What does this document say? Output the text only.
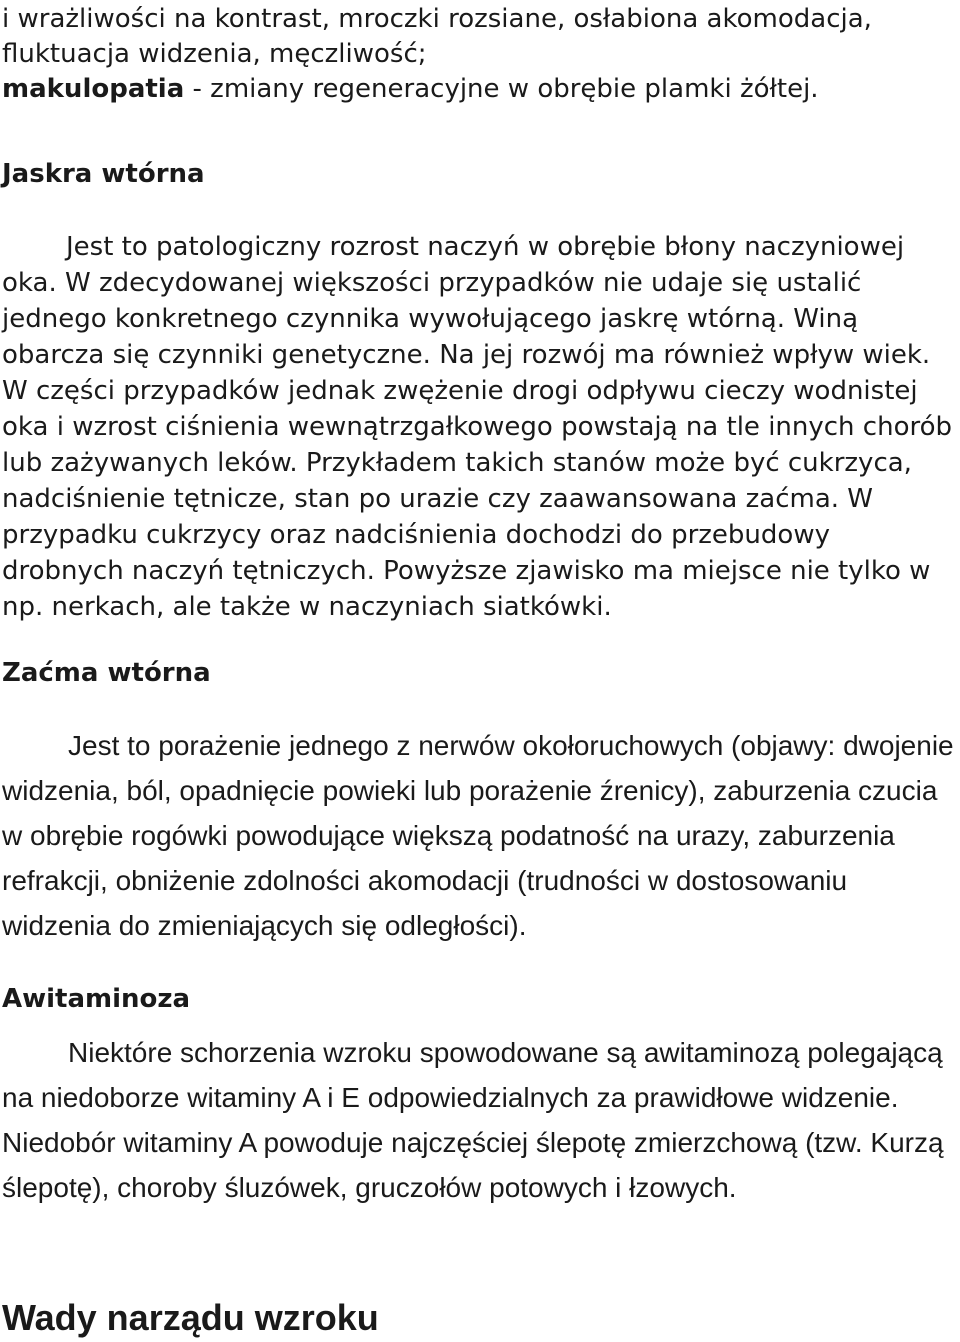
i wrażliwości na kontrast, mroczki rozsiane, osłabiona akomodacja, fluktuacja widzenia, męczliwość;

makulopatia - zmiany regeneracyjne w obrębie plamki żółtej.

Jaskra wtórna

Jest to patologiczny rozrost naczyń w obrębie błony naczyniowej oka. W zdecydowanej większości przypadków nie udaje się ustalić jednego konkretnego czynnika wywołującego jaskrę wtórną. Winą obarcza się czynniki genetyczne. Na jej rozwój ma również wpływ wiek. W części przypadków jednak zwężenie drogi odpływu cieczy wodnistej oka i wzrost ciśnienia wewnątrzgałkowego powstają na tle innych chorób lub zażywanych leków. Przykładem takich stanów może być cukrzyca, nadciśnienie tętnicze, stan po urazie czy zaawansowana zaćma. W przypadku cukrzycy oraz nadciśnienia dochodzi do przebudowy drobnych naczyń tętniczych. Powyższe zjawisko ma miejsce nie tylko w np. nerkach, ale także w naczyniach siatkówki.

Zaćma wtórna

Jest to porażenie jednego z nerwów okołoruchowych (objawy: dwojenie widzenia, ból, opadnięcie powieki lub porażenie źrenicy), zaburzenia czucia w obrębie rogówki powodujące większą podatność na urazy, zaburzenia refrakcji, obniżenie zdolności akomodacji (trudności w dostosowaniu widzenia do zmieniających się odległości).

Awitaminoza

Niektóre schorzenia wzroku spowodowane są awitaminozą polegającą na niedoborze witaminy A i E odpowiedzialnych za prawidłowe widzenie. Niedobór witaminy A powoduje najczęściej ślepotę zmierzchową (tzw. Kurzą ślepotę), choroby śluzówek, gruczołów potowych i łzowych.

Wady narządu wzroku
